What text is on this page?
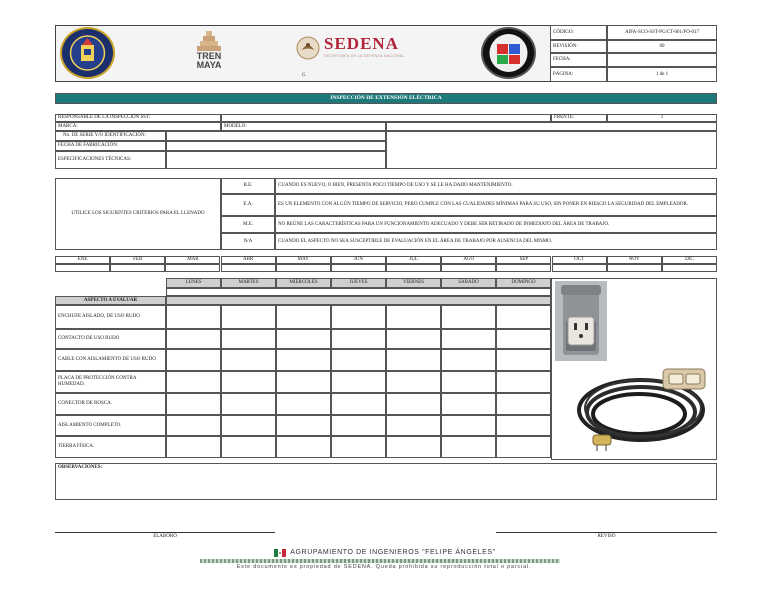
TREN
MAYA
SEDENA
SECRETARÍA DE LA DEFENSA NACIONAL
G
CÓDIGO:	AIFA-SCO-SST-PG/CT-001/FO-017
REVISIÓN:	00
FECHA:
PÁGINA:	1 de 1
INSPECCIÓN DE EXTENSIÓN ELÉCTRICA
RESPONSABLE DE LA INSPECCIÓN SST:	FRENTE:	1
MARCA:	MODELO:
No. DE SERIE Y/O IDENTIFICACIÓN:
FECHA DE FABRICACIÓN:
ESPECIFICACIONES TÉCNICAS:
UTILICE LOS SIGUIENTES CRITERIOS PARA EL LLENADO
B.E.	CUANDO ES NUEVO, O BIEN, PRESENTA POCO TIEMPO DE USO Y SE LE HA DADO MANTENIMIENTO.
E.A.	ES UN ELEMENTO CON ALGÚN TIEMPO DE SERVICIO, PERO CUMPLE CON LAS CUALIDADES MÍNIMAS PARA SU USO, SIN PONER EN RIESGO LA SEGURIDAD DEL EMPLEADOR.
M.E.	NO REÚNE LAS CARACTERÍSTICAS PARA UN FUNCIONAMIENTO ADECUADO Y DEBE SER RETIRADO DE INMEDIATO DEL ÁREA DE TRABAJO.
N/A	CUANDO EL ASPECTO NO SEA SUSCEPTIBLE DE EVALUACIÓN EN EL ÁREA DE TRABAJO POR AUSENCIA DEL MISMO.
ENE	FEB	MAR	ABR	MAY	JUN	JUL	AGO	SEP	OCT	NOV	DIC
LUNES	MARTES	MIÉRCOLES	JUEVES	VIERNES	SÁBADO	DOMINGO
ASPECTO A EVALUAR
ENCHUFE AISLADO, DE USO RUDO
CONTACTO DE USO RUDO
CABLE CON AISLAMIENTO DE USO RUDO
PLACA DE PROTECCIÓN CONTRA HUMEDAD.
CONECTOR DE ROSCA.
AISLAMIENTO COMPLETO.
TIERRA FÍSICA.
OBSERVACIONES:
ELABORÓ	REVISÓ
AGRUPAMIENTO DE INGENIEROS "FELIPE ÁNGELES"
Este documento es propiedad de SEDENA. Queda prohibida su reproducción total o parcial.
